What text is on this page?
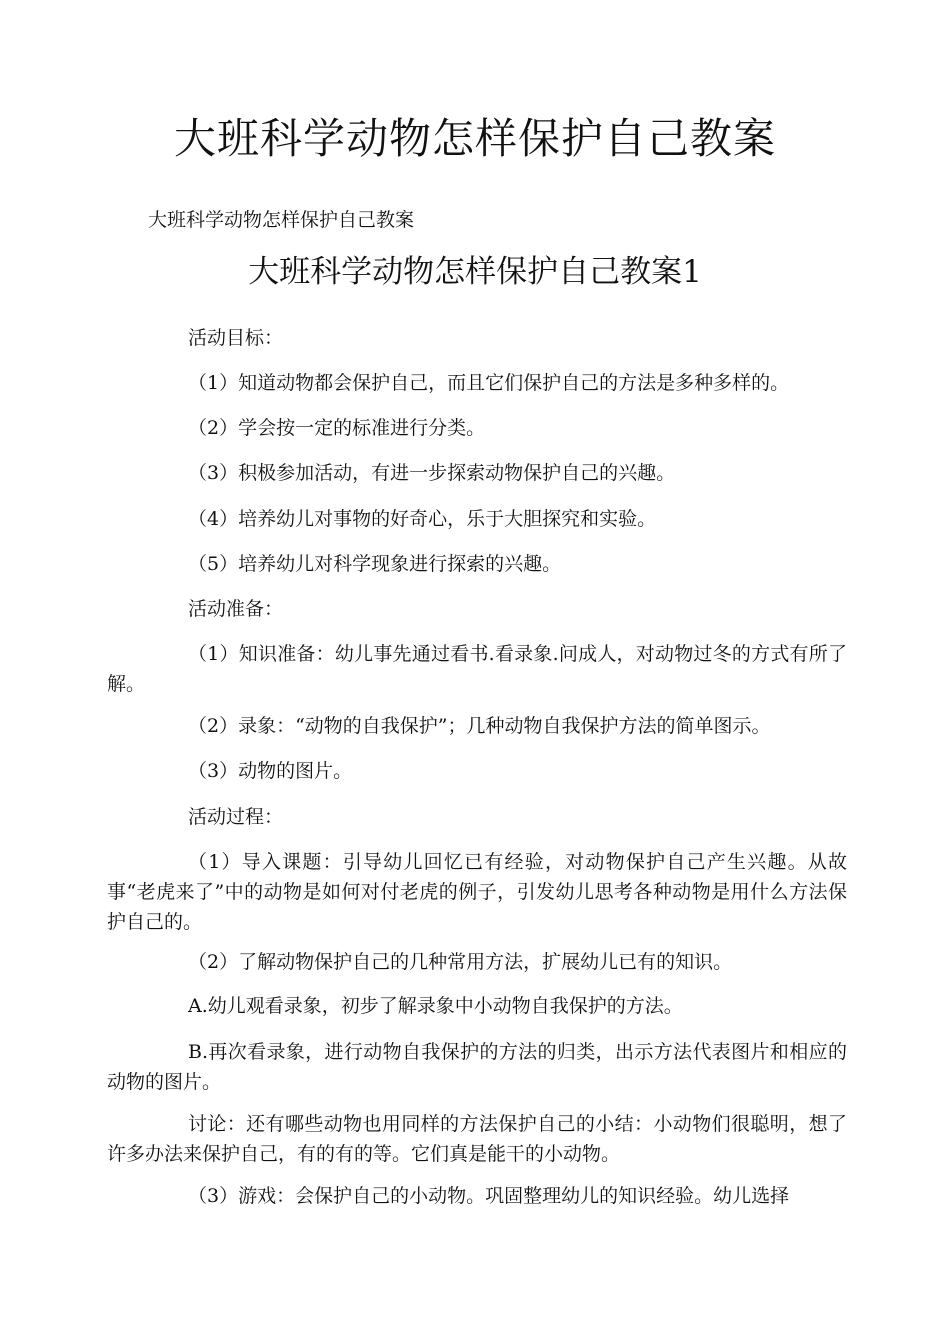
大班科学动物怎样保护自己教案

大班科学动物怎样保护自己教案

大班科学动物怎样保护自己教案1

活动目标：

（1）知道动物都会保护自己，而且它们保护自己的方法是多种多样的。

（2）学会按一定的标准进行分类。

（3）积极参加活动，有进一步探索动物保护自己的兴趣。

（4）培养幼儿对事物的好奇心，乐于大胆探究和实验。

（5）培养幼儿对科学现象进行探索的兴趣。

活动准备：

（1）知识准备：幼儿事先通过看书.看录象.问成人，对动物过冬的方式有所了解。

（2）录象：“动物的自我保护”；几种动物自我保护方法的简单图示。

（3）动物的图片。

活动过程：

（1）导入课题：引导幼儿回忆已有经验，对动物保护自己产生兴趣。从故事“老虎来了”中的动物是如何对付老虎的例子，引发幼儿思考各种动物是用什么方法保护自己的。

（2）了解动物保护自己的几种常用方法，扩展幼儿已有的知识。

A.幼儿观看录象，初步了解录象中小动物自我保护的方法。

B.再次看录象，进行动物自我保护的方法的归类，出示方法代表图片和相应的动物的图片。

讨论：还有哪些动物也用同样的方法保护自己的小结：小动物们很聪明，想了许多办法来保护自己，有的有的等。它们真是能干的小动物。

（3）游戏：会保护自己的小动物。巩固整理幼儿的知识经验。幼儿选择
